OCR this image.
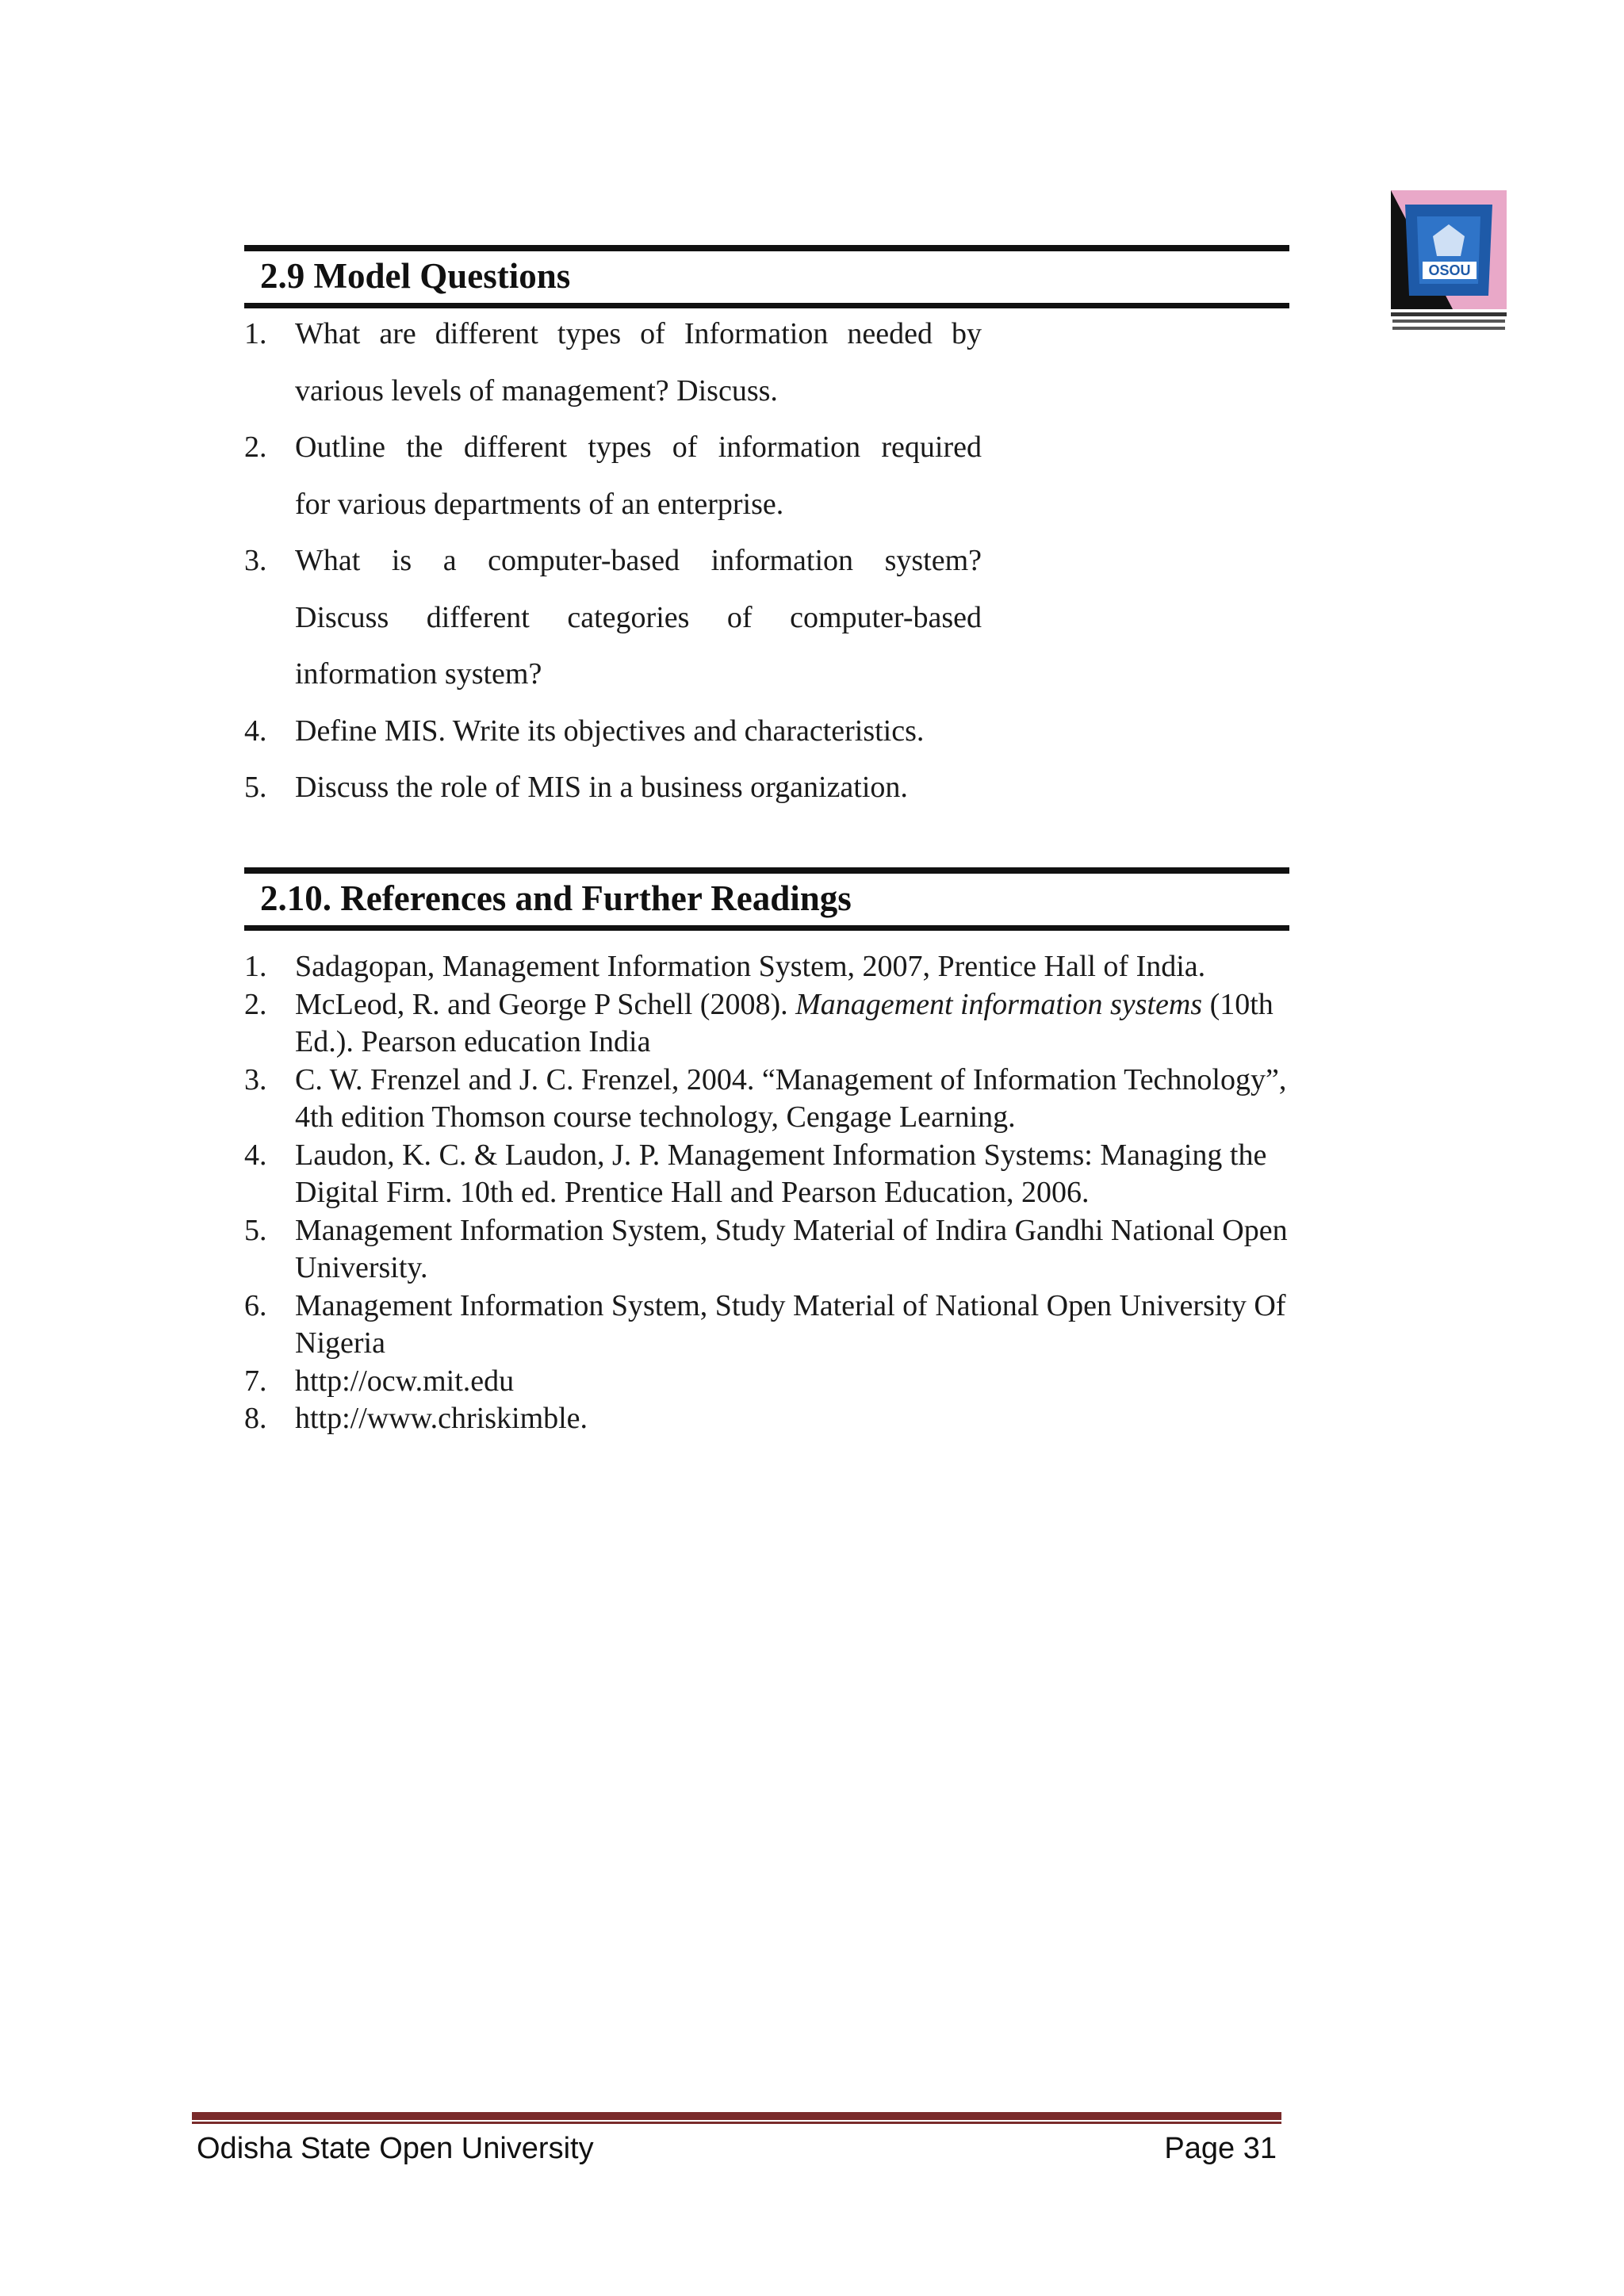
OSOU
2.9 Model Questions
1. What are different types of Information needed by
various levels of management? Discuss.
2. Outline the different types of information required
for various departments of an enterprise.
3. What is a computer-based information system?
Discuss different categories of computer-based
information system?
4. Define MIS. Write its objectives and characteristics.
5. Discuss the role of MIS in a business organization.
2.10. References and Further Readings
1. Sadagopan, Management Information System, 2007, Prentice Hall of India.
2. McLeod, R. and George P Schell (2008). Management information systems (10th Ed.). Pearson education India
3. C. W. Frenzel and J. C. Frenzel, 2004. “Management of Information Technology”, 4th edition Thomson course technology, Cengage Learning.
4. Laudon, K. C. & Laudon, J. P. Management Information Systems: Managing the Digital Firm. 10th ed. Prentice Hall and Pearson Education, 2006.
5. Management Information System, Study Material of Indira Gandhi National Open University.
6. Management Information System, Study Material of National Open University Of Nigeria
7. http://ocw.mit.edu
8. http://www.chriskimble.
Odisha State Open University	Page 31
